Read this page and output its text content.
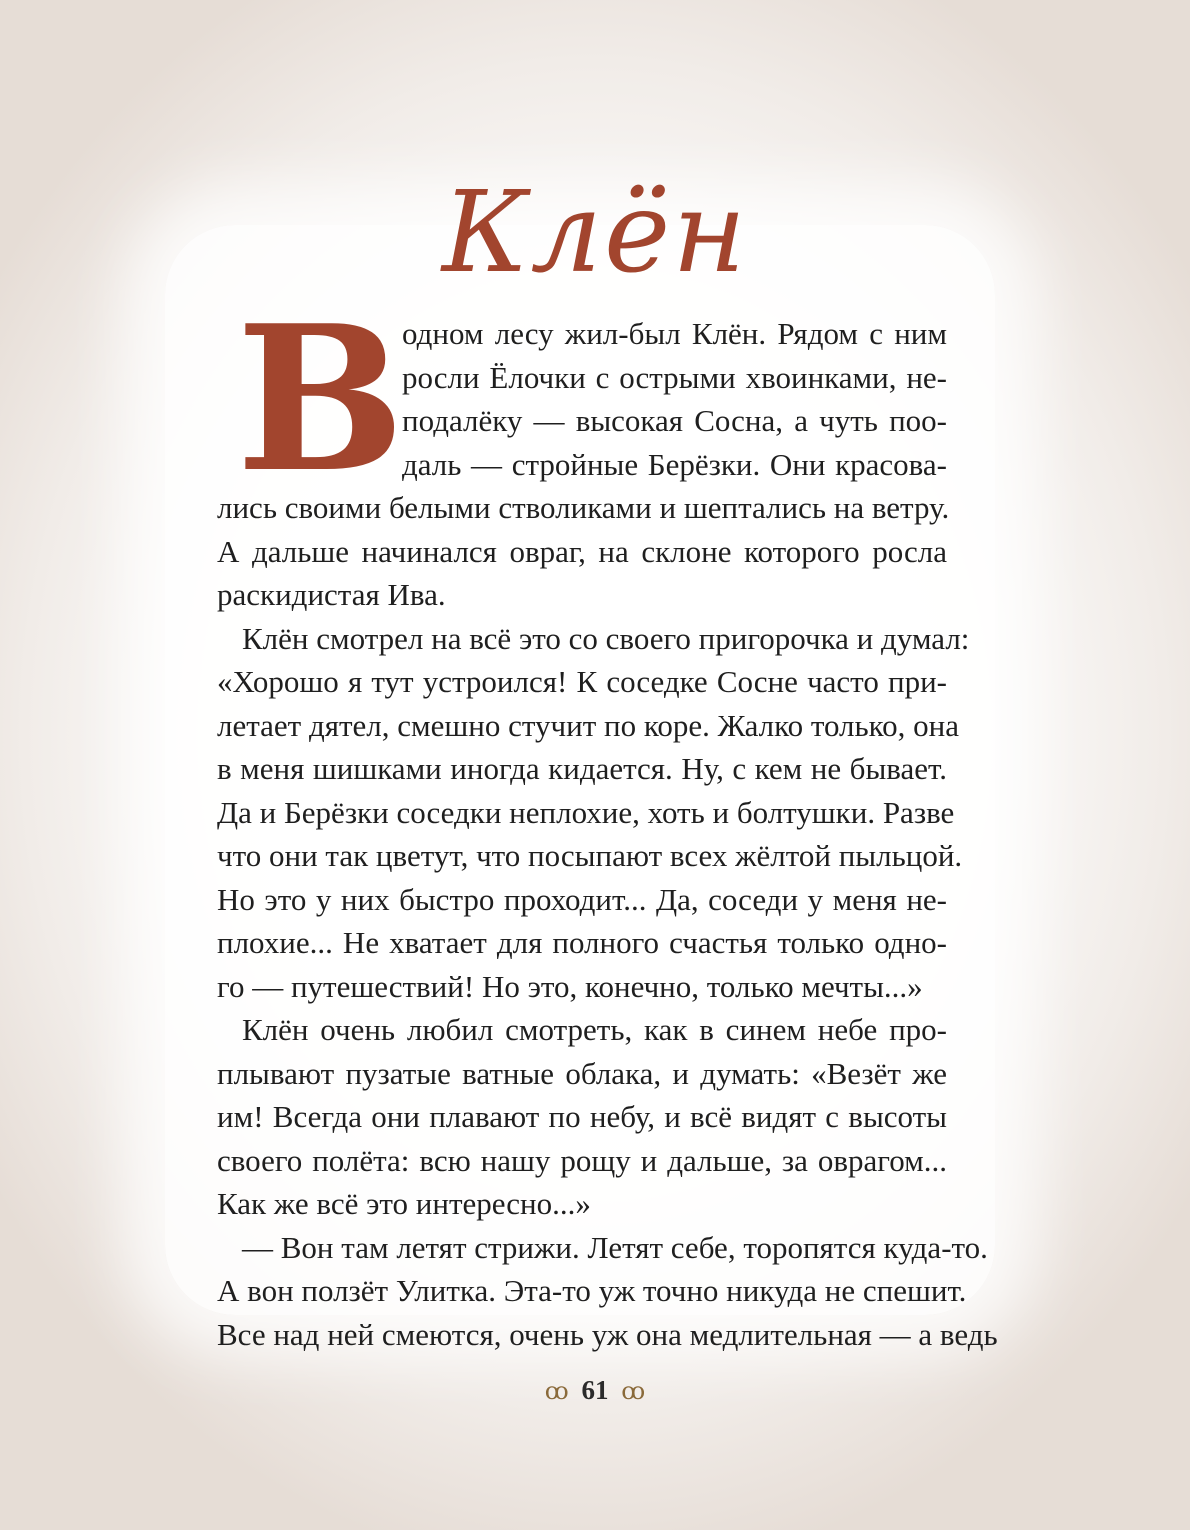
Клён
В
одном лесу жил-был Клён. Рядом с ним
росли Ёлочки с острыми хвоинками, не-
подалёку — высокая Сосна, а чуть поо-
даль — стройные Берёзки. Они красова-
лись своими белыми стволиками и шептались на ветру.
А дальше начинался овраг, на склоне которого росла
раскидистая Ива.
Клён смотрел на всё это со своего пригорочка и думал:
«Хорошо я тут устроился! К соседке Сосне часто при-
летает дятел, смешно стучит по коре. Жалко только, она
в меня шишками иногда кидается. Ну, с кем не бывает.
Да и Берёзки соседки неплохие, хоть и болтушки. Разве
что они так цветут, что посыпают всех жёлтой пыльцой.
Но это у них быстро проходит... Да, соседи у меня не-
плохие... Не хватает для полного счастья только одно-
го — путешествий! Но это, конечно, только мечты...»
Клён очень любил смотреть, как в синем небе про-
плывают пузатые ватные облака, и думать: «Везёт же
им! Всегда они плавают по небу, и всё видят с высоты
своего полёта: всю нашу рощу и дальше, за оврагом...
Как же всё это интересно...»
— Вон там летят стрижи. Летят себе, торопятся куда-то.
А вон ползёт Улитка. Эта-то уж точно никуда не спешит.
Все над ней смеются, очень уж она медлительная — а ведь
ꝏ 61 ꝏ
